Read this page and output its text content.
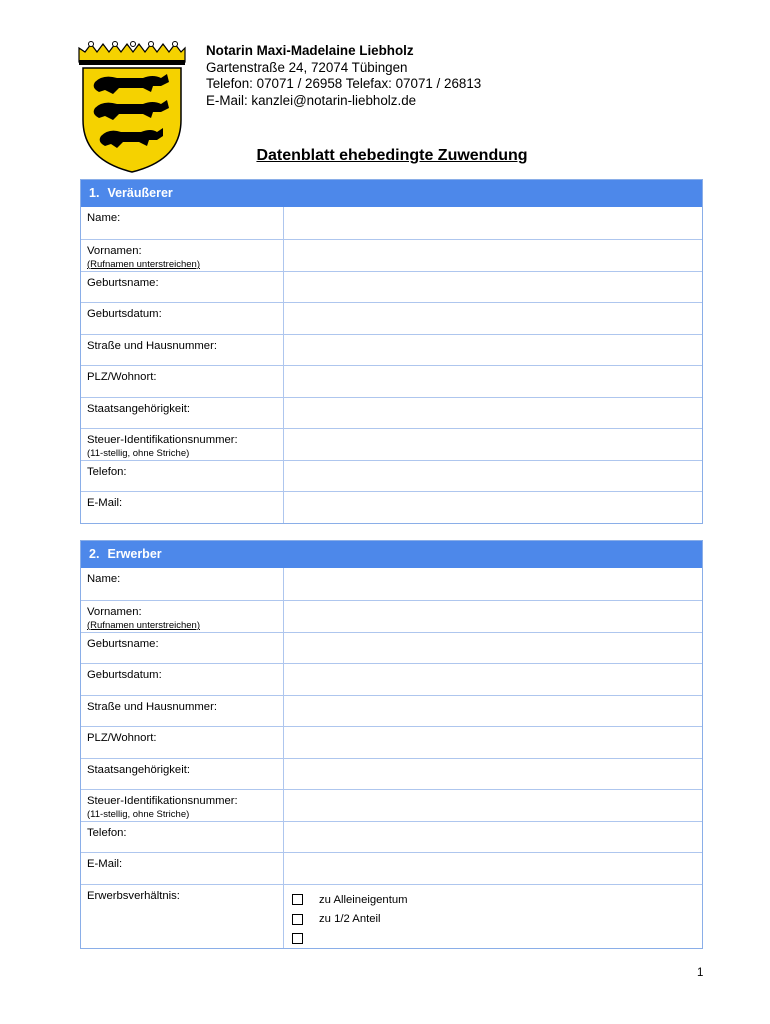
Notarin Maxi-Madelaine Liebholz
Gartenstraße 24, 72074 Tübingen
Telefon: 07071 / 26958 Telefax: 07071 / 26813
E-Mail: kanzlei@notarin-liebholz.de
Datenblatt ehebedingte Zuwendung
1. Veräußerer
Name:
Vornamen:
(Rufnamen unterstreichen)
Geburtsname:
Geburtsdatum:
Straße und Hausnummer:
PLZ/Wohnort:
Staatsangehörigkeit:
Steuer-Identifikationsnummer:
(11-stellig, ohne Striche)
Telefon:
E-Mail:
2. Erwerber
Name:
Vornamen:
(Rufnamen unterstreichen)
Geburtsname:
Geburtsdatum:
Straße und Hausnummer:
PLZ/Wohnort:
Staatsangehörigkeit:
Steuer-Identifikationsnummer:
(11-stellig, ohne Striche)
Telefon:
E-Mail:
Erwerbsverhältnis:	zu Alleineigentum
zu 1/2 Anteil
1
